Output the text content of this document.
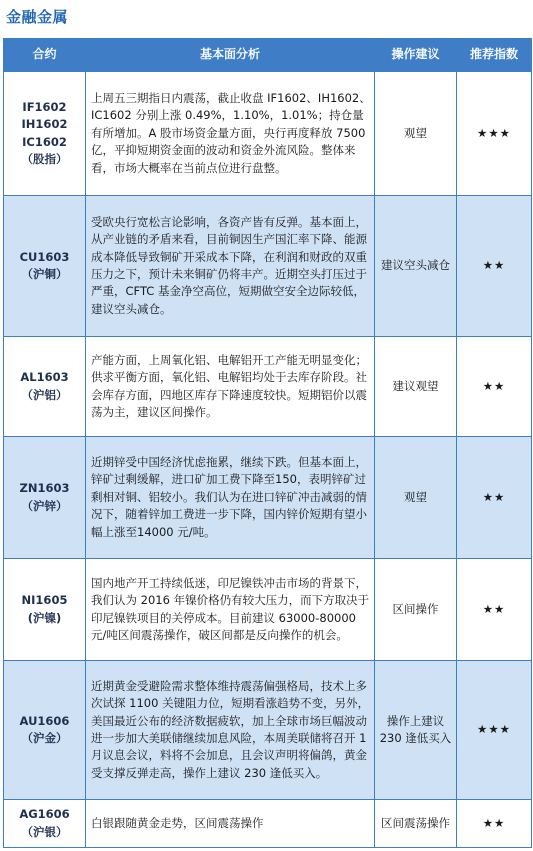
金融金属
合约	基本面分析	操作建议	推荐指数

IF1602
IH1602
IC1602
（股指）	上周五三期指日内震荡，截止收盘 IF1602、IH1602、IC1602 分别上涨 0.49%，1.10%，1.01%；持仓量有所增加。A 股市场资金量方面，央行再度释放 7500 亿，平抑短期资金面的波动和资金外流风险。整体来看，市场大概率在当前点位进行盘整。	观望	★★★

CU1603
（沪铜）	受欧央行宽松言论影响，各资产皆有反弹。基本面上，从产业链的矛盾来看，目前铜因生产国汇率下降、能源成本降低导致铜矿开采成本下降，在利润和财政的双重压力之下，预计未来铜矿仍将丰产。近期空头打压过于严重，CFTC 基金净空高位，短期做空安全边际较低，建议空头减仓。	建议空头减仓	★★

AL1603
（沪铝）	产能方面，上周氧化铝、电解铝开工产能无明显变化；供求平衡方面，氧化铝、电解铝均处于去库存阶段。社会库存方面，四地区库存下降速度较快。短期铝价以震荡为主，建议区间操作。	建议观望	★★

ZN1603
（沪锌）	近期锌受中国经济忧虑拖累，继续下跌。但基本面上，锌矿过剩缓解，进口矿加工费下降至150，表明锌矿过剩相对铜、铝较小。我们认为在进口锌矿冲击减弱的情况下，随着锌加工费进一步下降，国内锌价短期有望小幅上涨至14000 元/吨。	观望	★★

NI1605
(沪镍)	国内地产开工持续低迷，印尼镍铁冲击市场的背景下，我们认为 2016 年镍价格仍有较大压力，而下方取决于印尼镍铁项目的关停成本。目前建议 63000-80000 元/吨区间震荡操作，破区间都是反向操作的机会。	区间操作	★★

AU1606
（沪金）	近期黄金受避险需求整体维持震荡偏强格局，技术上多次试探 1100 关键阻力位，短期看涨趋势不变，另外，美国最近公布的经济数据疲软，加上全球市场巨幅波动进一步加大美联储继续加息风险，本周美联储将召开 1 月议息会议，料将不会加息，且会议声明将偏鸽，黄金受支撑反弹走高，操作上建议 230 逢低买入。	操作上建议 230 逢低买入	★★★

AG1606
（沪银）	白银跟随黄金走势，区间震荡操作	区间震荡操作	★★
